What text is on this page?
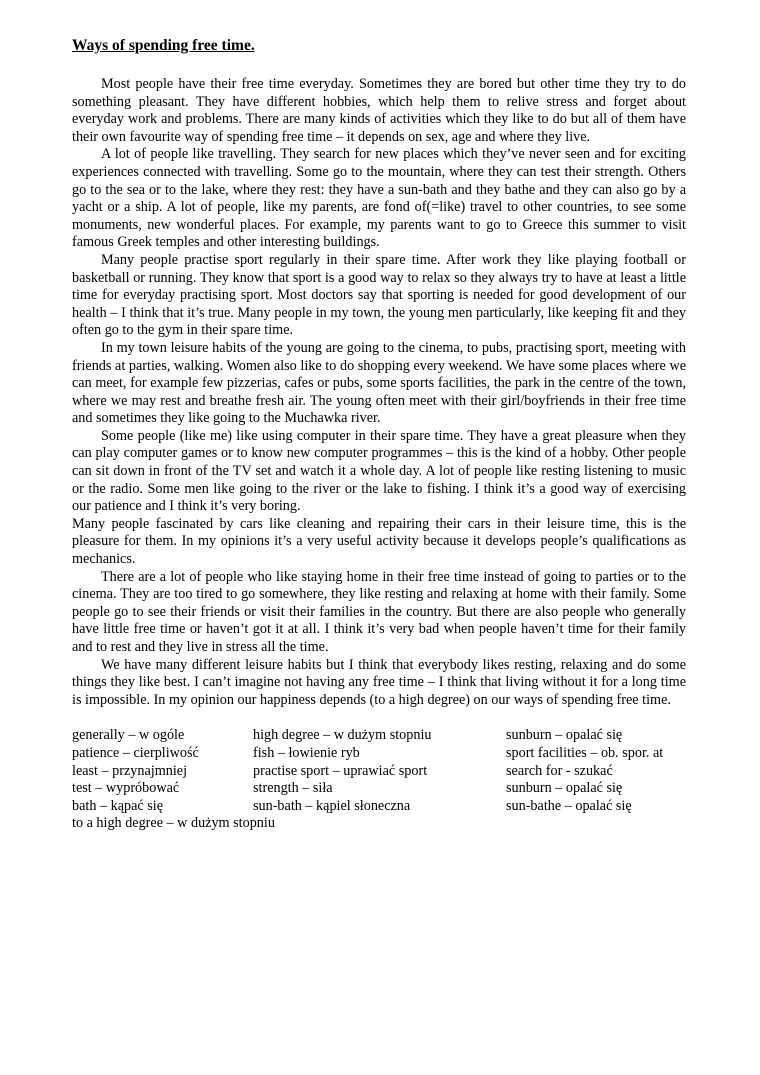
Ways of spending free time.

Most people have their free time everyday. Sometimes they are bored but other time they try to do something pleasant. They have different hobbies, which help them to relive stress and forget about everyday work and problems. There are many kinds of activities which they like to do but all of them have their own favourite way of spending free time – it depends on sex, age and where they live.

A lot of people like travelling. They search for new places which they’ve never seen and for exciting experiences connected with travelling. Some go to the mountain, where they can test their strength. Others go to the sea or to the lake, where they rest: they have a sun-bath and they bathe and they can also go by a yacht or a ship. A lot of people, like my parents, are fond of(=like) travel to other countries, to see some monuments, new wonderful places. For example, my parents want to go to Greece this summer to visit famous Greek temples and other interesting buildings.

Many people practise sport regularly in their spare time. After work they like playing football or basketball or running. They know that sport is a good way to relax so they always try to have at least a little time for everyday practising sport. Most doctors say that sporting is needed for good development of our health – I think that it’s true. Many people in my town, the young men particularly, like keeping fit and they often go to the gym in their spare time.

In my town leisure habits of the young are going to the cinema, to pubs, practising sport, meeting with friends at parties, walking. Women also like to do shopping every weekend. We have some places where we can meet, for example few pizzerias, cafes or pubs, some sports facilities, the park in the centre of the town, where we may rest and breathe fresh air. The young often meet with their girl/boyfriends in their free time and sometimes they like going to the Muchawka river.

Some people (like me) like using computer in their spare time. They have a great pleasure when they can play computer games or to know new computer programmes – this is the kind of a hobby. Other people can sit down in front of the TV set and watch it a whole day. A lot of people like resting listening to music or the radio. Some men like going to the river or the lake to fishing. I think it’s a good way of exercising our patience and I think it’s very boring.

Many people fascinated by cars like cleaning and repairing their cars in their leisure time, this is the pleasure for them. In my opinions it’s a very useful activity because it develops people’s qualifications as mechanics.

There are a lot of people who like staying home in their free time instead of going to parties or to the cinema. They are too tired to go somewhere, they like resting and relaxing at home with their family. Some people go to see their friends or visit their families in the country. But there are also people who generally have little free time or haven’t got it at all. I think it’s very bad when people haven’t time for their family and to rest and they live in stress all the time.

We have many different leisure habits but I think that everybody likes resting, relaxing and do some things they like best. I can’t imagine not having any free time – I think that living without it for a long time is impossible. In my opinion our happiness depends (to a high degree) on our ways of spending free time.

generally – w ogóle	high degree – w dużym stopniu	sunburn – opalać się
patience – cierpliwość	fish – łowienie ryb	sport facilities – ob. spor. at
least – przynajmniej	practise sport – uprawiać sport	search for - szukać
test – wypróbować	strength – siła	sunburn – opalać się
bath – kąpać się	sun-bath – kąpiel słoneczna	sun-bathe – opalać się
to a high degree – w dużym stopniu
